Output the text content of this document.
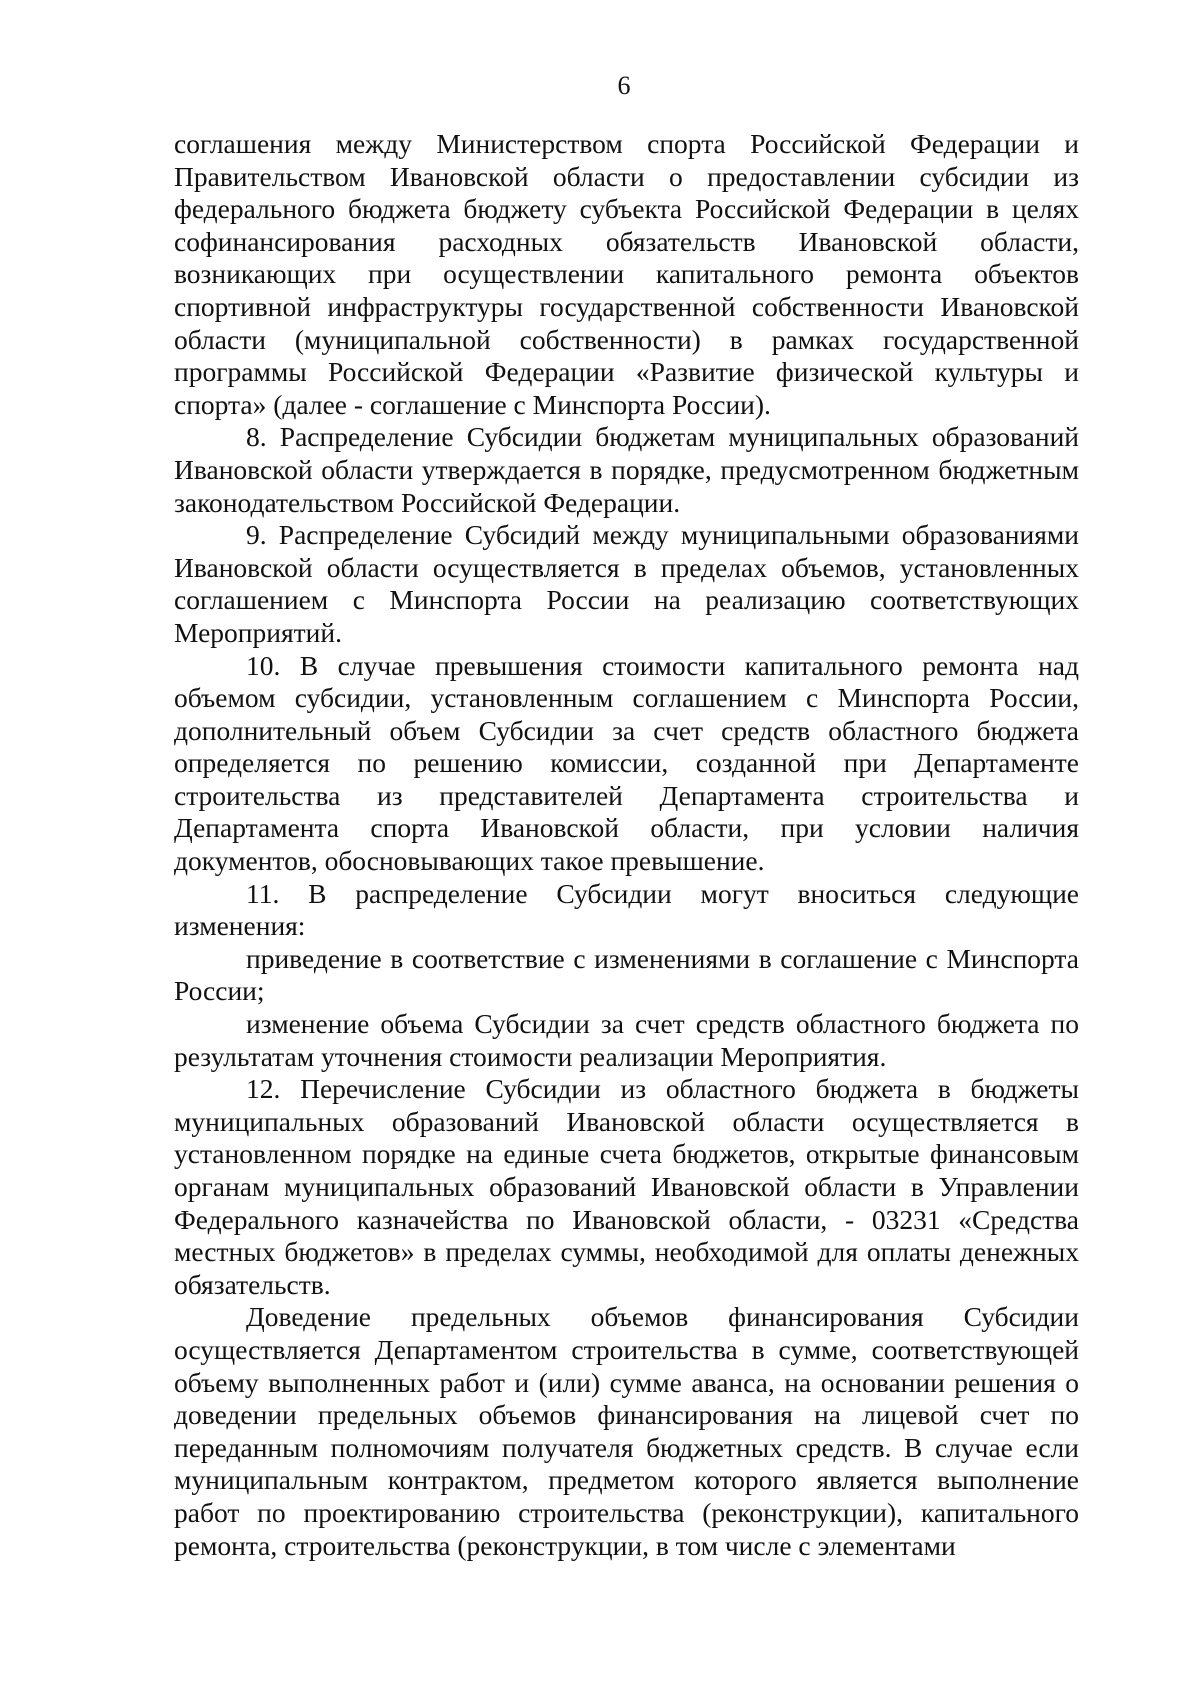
6

соглашения между Министерством спорта Российской Федерации и Правительством Ивановской области о предоставлении субсидии из федерального бюджета бюджету субъекта Российской Федерации в целях софинансирования расходных обязательств Ивановской области, возникающих при осуществлении капитального ремонта объектов спортивной инфраструктуры государственной собственности Ивановской области (муниципальной собственности) в рамках государственной программы Российской Федерации «Развитие физической культуры и спорта» (далее - соглашение с Минспорта России).

8. Распределение Субсидии бюджетам муниципальных образований Ивановской области утверждается в порядке, предусмотренном бюджетным законодательством Российской Федерации.

9. Распределение Субсидий между муниципальными образованиями Ивановской области осуществляется в пределах объемов, установленных соглашением с Минспорта России на реализацию соответствующих Мероприятий.

10. В случае превышения стоимости капитального ремонта над объемом субсидии, установленным соглашением с Минспорта России, дополнительный объем Субсидии за счет средств областного бюджета определяется по решению комиссии, созданной при Департаменте строительства из представителей Департамента строительства и Департамента спорта Ивановской области, при условии наличия документов, обосновывающих такое превышение.

11. В распределение Субсидии могут вноситься следующие изменения:

приведение в соответствие с изменениями в соглашение с Минспорта России;

изменение объема Субсидии за счет средств областного бюджета по результатам уточнения стоимости реализации Мероприятия.

12. Перечисление Субсидии из областного бюджета в бюджеты муниципальных образований Ивановской области осуществляется в установленном порядке на единые счета бюджетов, открытые финансовым органам муниципальных образований Ивановской области в Управлении Федерального казначейства по Ивановской области, - 03231 «Средства местных бюджетов» в пределах суммы, необходимой для оплаты денежных обязательств.

Доведение предельных объемов финансирования Субсидии осуществляется Департаментом строительства в сумме, соответствующей объему выполненных работ и (или) сумме аванса, на основании решения о доведении предельных объемов финансирования на лицевой счет по переданным полномочиям получателя бюджетных средств. В случае если муниципальным контрактом, предметом которого является выполнение работ по проектированию строительства (реконструкции), капитального ремонта, строительства (реконструкции, в том числе с элементами
